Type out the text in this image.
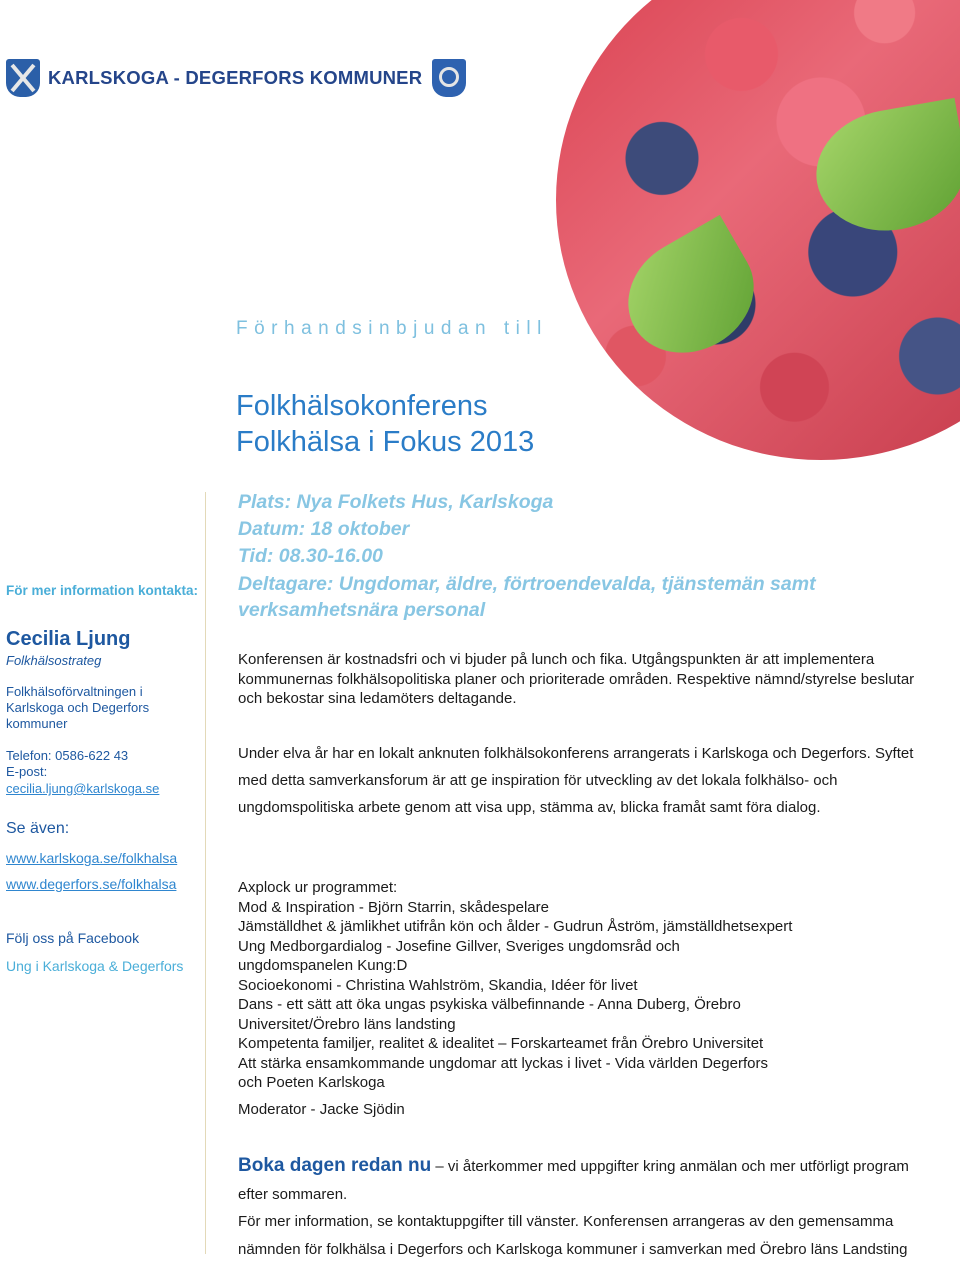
KARLSKOGA - DEGERFORS KOMMUNER
Förhandsinbjudan till
Folkhälsokonferens
Folkhälsa i Fokus 2013
För mer information kontakta:
Cecilia Ljung
Folkhälsostrateg
Folkhälsoförvaltningen i Karlskoga och Degerfors kommuner
Telefon: 0586-622 43
E-post:
cecilia.ljung@karlskoga.se
Se även:
www.karlskoga.se/folkhalsa
www.degerfors.se/folkhalsa
Följ oss på Facebook
Ung i Karlskoga & Degerfors
Plats: Nya Folkets Hus, Karlskoga
Datum: 18 oktober
Tid: 08.30-16.00
Deltagare: Ungdomar, äldre, förtroendevalda, tjänstemän samt
verksamhetsnära personal
Konferensen är kostnadsfri och vi bjuder på lunch och fika. Utgångspunkten är att implementera kommunernas folkhälsopolitiska planer och prioriterade områden. Respektive nämnd/styrelse beslutar och bekostar sina ledamöters deltagande.
Under elva år har en lokalt anknuten folkhälsokonferens arrangerats i Karlskoga och Degerfors. Syftet med detta samverkansforum är att ge inspiration för utveckling av det lokala folkhälso- och ungdomspolitiska arbete genom att visa upp, stämma av, blicka framåt samt föra dialog.
Axplock ur programmet:
Mod & Inspiration - Björn Starrin, skådespelare
Jämställdhet & jämlikhet utifrån kön och ålder - Gudrun Åström, jämställdhetsexpert
Ung Medborgardialog - Josefine Gillver, Sveriges ungdomsråd och
ungdomspanelen Kung:D
Socioekonomi - Christina Wahlström, Skandia, Idéer för livet
Dans - ett sätt att öka ungas psykiska välbefinnande - Anna Duberg, Örebro
Universitet/Örebro läns landsting
Kompetenta familjer, realitet & idealitet – Forskarteamet från Örebro Universitet
Att stärka ensamkommande ungdomar att lyckas i livet - Vida världen Degerfors
och Poeten Karlskoga
Moderator - Jacke Sjödin
Boka dagen redan nu – vi återkommer med uppgifter kring anmälan och mer utförligt program efter sommaren.
För mer information, se kontaktuppgifter till vänster. Konferensen arrangeras av den gemensamma nämnden för folkhälsa i Degerfors och Karlskoga kommuner i samverkan med Örebro läns Landsting
